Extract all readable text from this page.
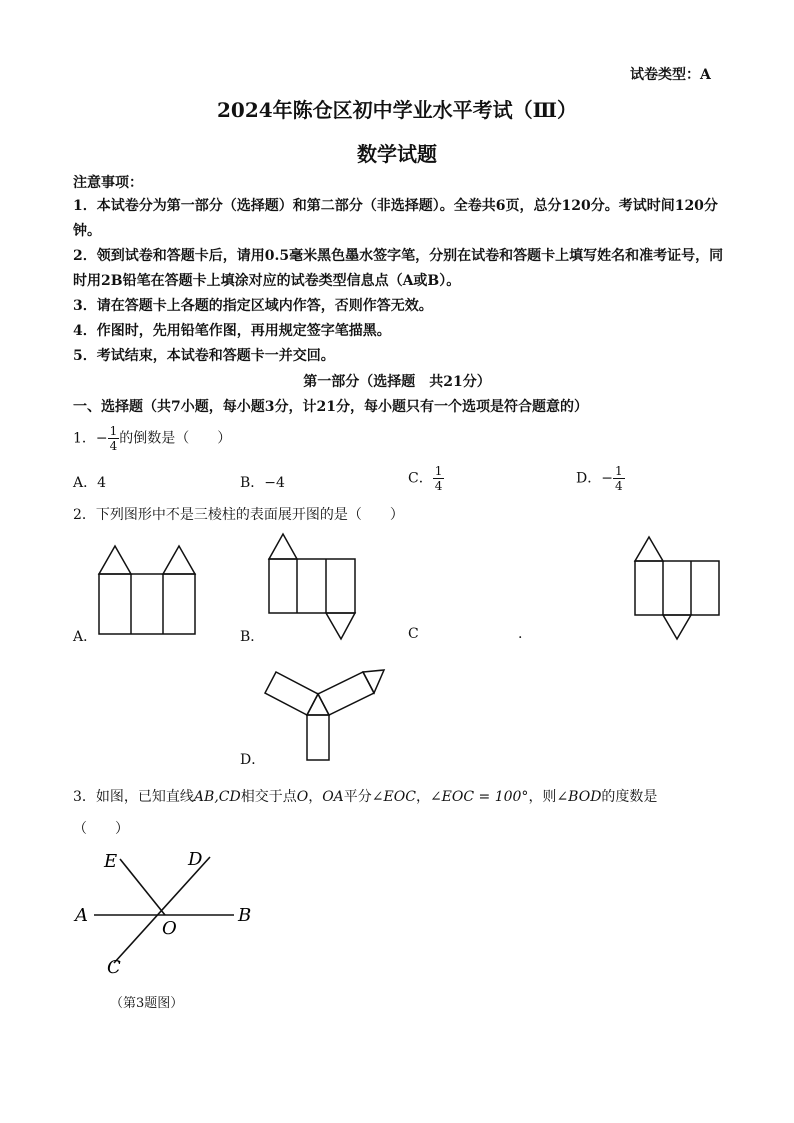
试卷类型：A
2024年陈仓区初中学业水平考试（Ⅲ）
数学试题
注意事项：
1．本试卷分为第一部分（选择题）和第二部分（非选择题）。全卷共6页，总分120分。考试时间120分钟。
2．领到试卷和答题卡后，请用0.5毫米黑色墨水签字笔，分别在试卷和答题卡上填写姓名和准考证号，同时用2B铅笔在答题卡上填涂对应的试卷类型信息点（A或B）。
3．请在答题卡上各题的指定区域内作答，否则作答无效。
4．作图时，先用铅笔作图，再用规定签字笔描黑。
5．考试结束，本试卷和答题卡一并交回。
第一部分（选择题　共21分）
一、选择题（共7小题，每小题3分，计21分，每小题只有一个选项是符合题意的）
1．− $\frac{1}{4}$ 的倒数是（　　）
A．4	B．−4	C． $\frac{1}{4}$	D．− $\frac{1}{4}$
2．下列图形中不是三棱柱的表面展开图的是（　　）
A．	B．	C	.
D．
3．如图，已知直线AB,CD相交于点O，OA平分∠EOC，∠EOC = 100°，则∠BOD的度数是
（　　）
E	D
A	B
O
C
（第3题图）
